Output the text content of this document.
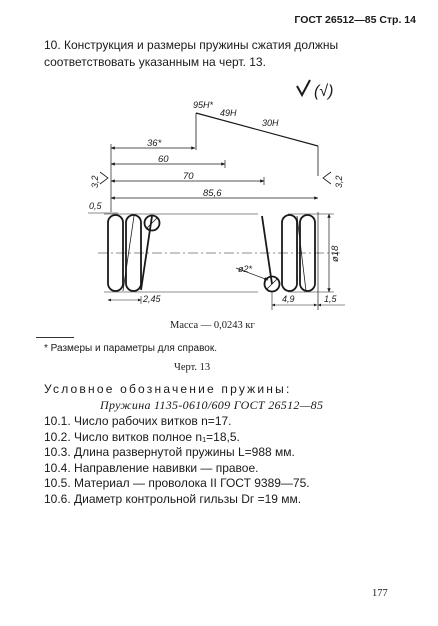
ГОСТ 26512—85 Стр. 14
10. Конструкция и размеры пружины сжатия должны соответствовать указанным на черт. 13.
(√)
95H*
49H
30H
36*
60
70
85,6
3,2	3,2
ø18
ø2*
0,5
2,45	4,9	1,5
Масса — 0,0243 кг
* Размеры и параметры для справок.
Черт. 13
Условное обозначение пружины:
Пружина 1135-0610/609 ГОСТ 26512—85
10.1. Число рабочих витков n=17.
10.2. Число витков полное n₁=18,5.
10.3. Длина развернутой пружины L=988 мм.
10.4. Направление навивки — правое.
10.5. Материал — проволока II ГОСТ 9389—75.
10.6. Диаметр контрольной гильзы Dг =19 мм.
177
